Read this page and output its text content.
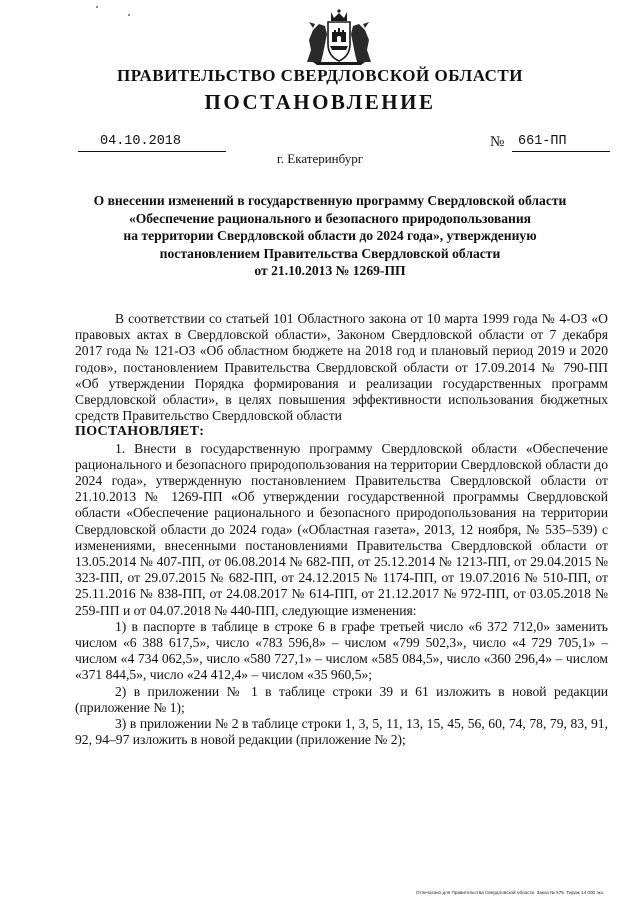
ПРАВИТЕЛЬСТВО СВЕРДЛОВСКОЙ ОБЛАСТИ
ПОСТАНОВЛЕНИЕ
04.10.2018	№	661-ПП
г. Екатеринбург
О внесении изменений в государственную программу Свердловской области
«Обеспечение рационального и безопасного природопользования
на территории Свердловской области до 2024 года», утвержденную
постановлением Правительства Свердловской области
от 21.10.2013 № 1269-ПП

В соответствии со статьей 101 Областного закона от 10 марта 1999 года № 4-ОЗ «О правовых актах в Свердловской области», Законом Свердловской области от 7 декабря 2017 года № 121-ОЗ «Об областном бюджете на 2018 год и плановый период 2019 и 2020 годов», постановлением Правительства Свердловской области от 17.09.2014 № 790-ПП «Об утверждении Порядка формирования и реализации государственных программ Свердловской области», в целях повышения эффективности использования бюджетных средств Правительство Свердловской области

ПОСТАНОВЛЯЕТ:

1. Внести в государственную программу Свердловской области «Обеспечение рационального и безопасного природопользования на территории Свердловской области до 2024 года», утвержденную постановлением Правительства Свердловской области от 21.10.2013 № 1269-ПП «Об утверждении государственной программы Свердловской области «Обеспечение рационального и безопасного природопользования на территории Свердловской области до 2024 года» («Областная газета», 2013, 12 ноября, № 535–539) с изменениями, внесенными постановлениями Правительства Свердловской области от 13.05.2014 № 407-ПП, от 06.08.2014 № 682-ПП, от 25.12.2014 № 1213-ПП, от 29.04.2015 № 323-ПП, от 29.07.2015 № 682-ПП, от 24.12.2015 № 1174-ПП, от 19.07.2016 № 510-ПП, от 25.11.2016 № 838-ПП, от 24.08.2017 № 614-ПП, от 21.12.2017 № 972-ПП, от 03.05.2018 № 259-ПП и от 04.07.2018 № 440-ПП, следующие изменения:

1) в паспорте в таблице в строке 6 в графе третьей число «6 372 712,0» заменить числом «6 388 617,5», число «783 596,8» – числом «799 502,3», число «4 729 705,1» – числом «4 734 062,5», число «580 727,1» – числом «585 084,5», число «360 296,4» – числом «371 844,5», число «24 412,4» – числом «35 960,5»;

2) в приложении № 1 в таблице строки 39 и 61 изложить в новой редакции (приложение № 1);

3) в приложении № 2 в таблице строки 1, 3, 5, 11, 13, 15, 45, 56, 60, 74, 78, 79, 83, 91, 92, 94–97 изложить в новой редакции (приложение № 2);

Отпечатано для Правительства Свердловской области. Заказ № 575. Тираж 14 000 экз.
